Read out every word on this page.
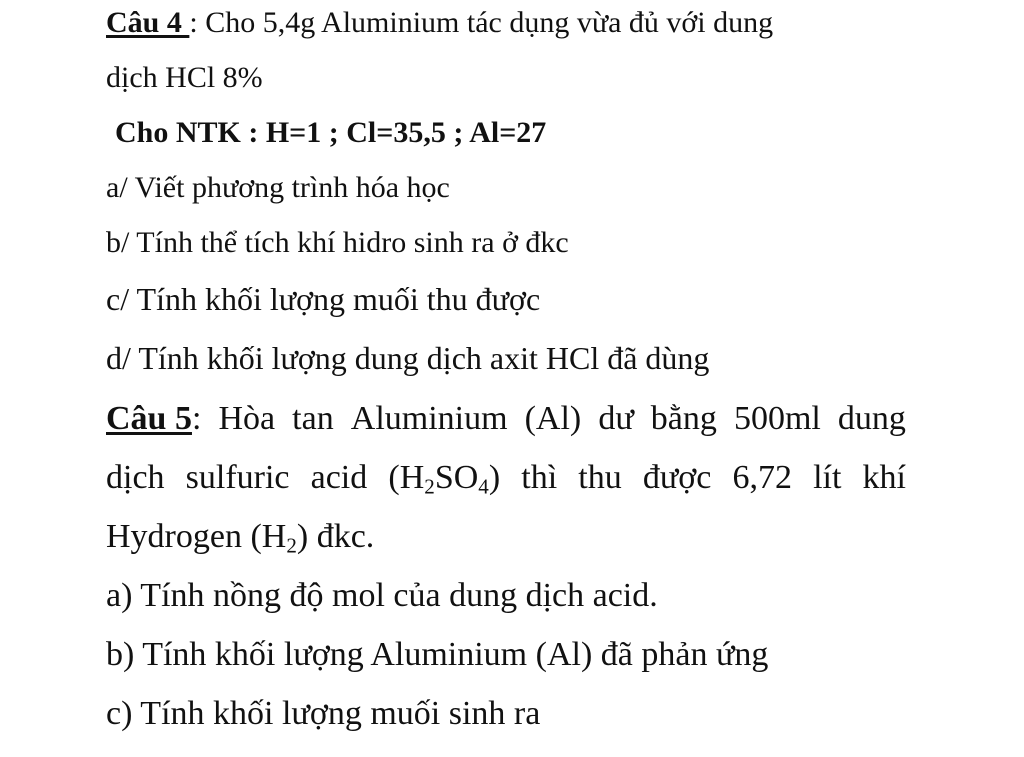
Câu 4 : Cho 5,4g Aluminium tác dụng vừa đủ với dung
dịch HCl 8%
Cho NTK : H=1 ; Cl=35,5 ; Al=27
a/ Viết phương trình hóa học
b/ Tính thể tích khí hidro sinh ra ở đkc
c/ Tính khối lượng muối thu được
d/ Tính khối lượng dung dịch axit HCl đã dùng
Câu 5: Hòa tan Aluminium (Al) dư bằng 500ml dung
dịch sulfuric acid $(H_2SO_4)$ thì thu được 6,72 lít khí
Hydrogen $(H_2)$ đkc.
a) Tính nồng độ mol của dung dịch acid.
b) Tính khối lượng Aluminium (Al) đã phản ứng
c) Tính khối lượng muối sinh ra
